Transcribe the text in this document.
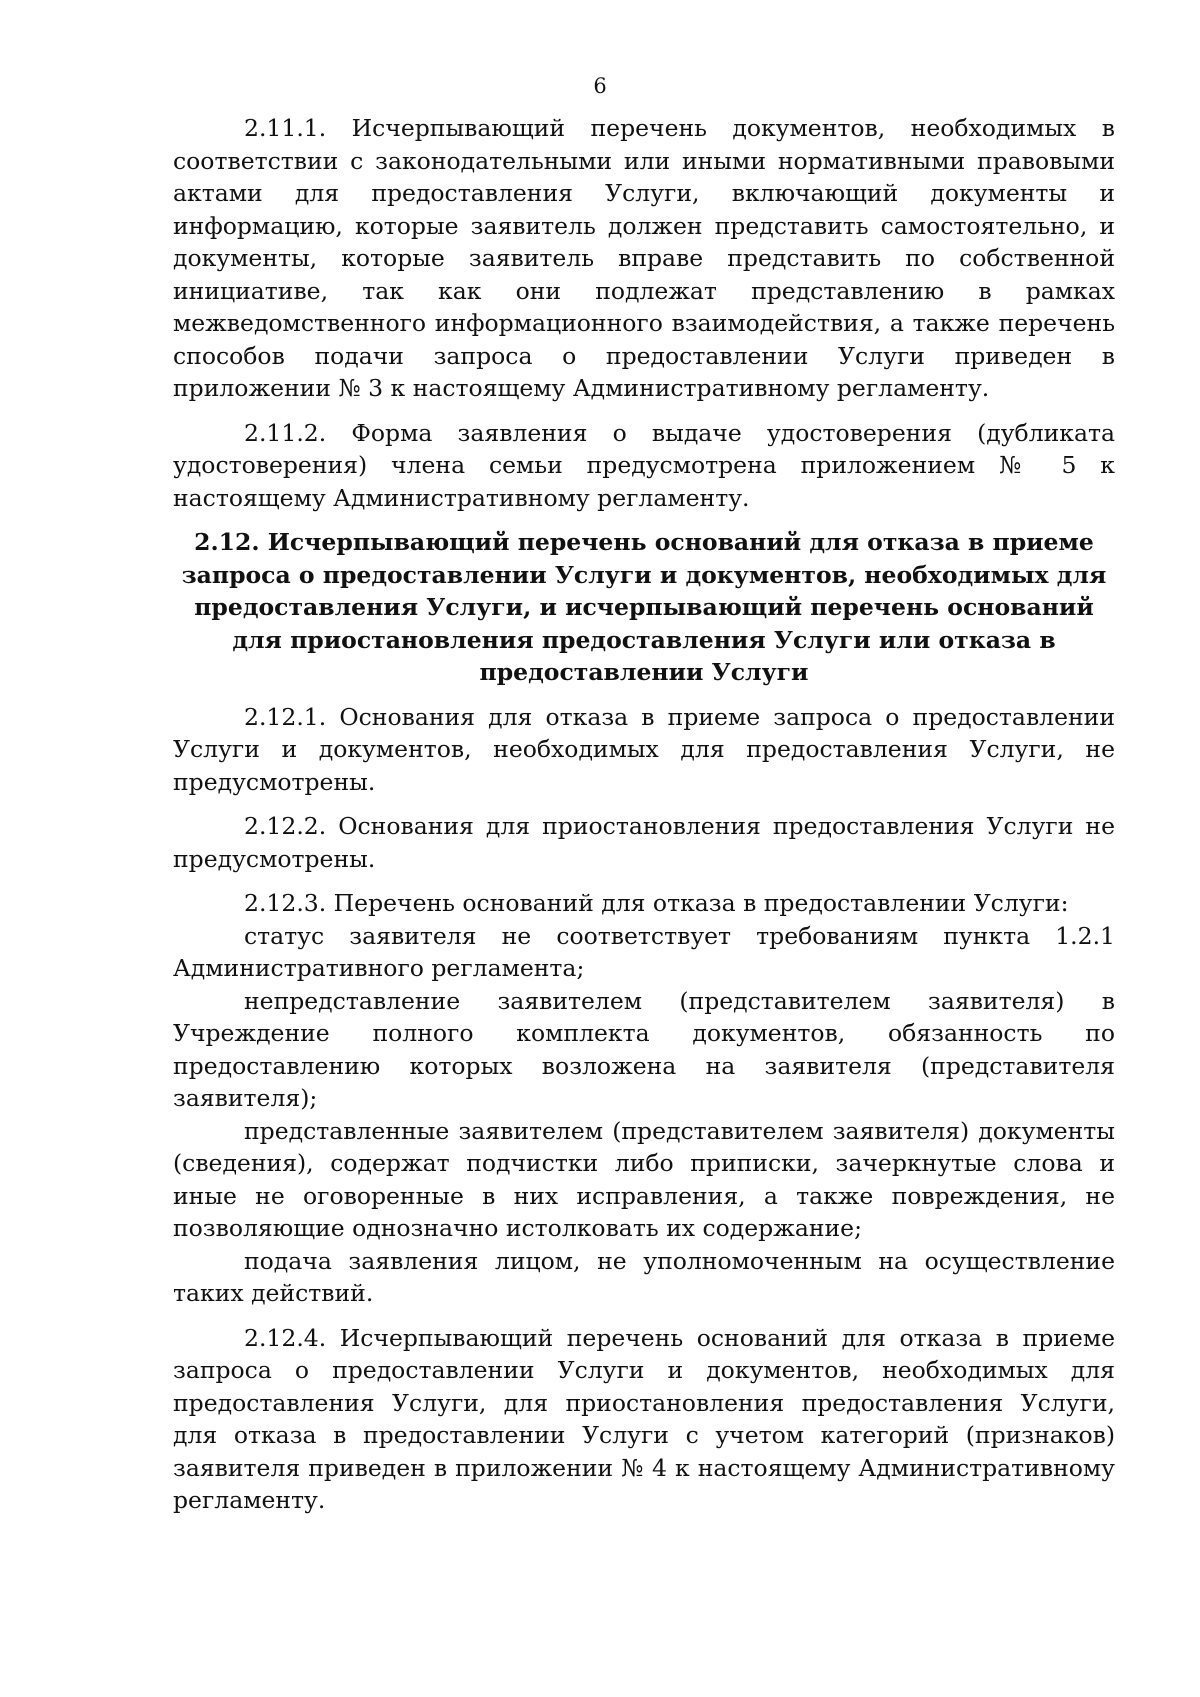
6

2.11.1. Исчерпывающий перечень документов, необходимых в соответствии с законодательными или иными нормативными правовыми актами для предоставления Услуги, включающий документы и информацию, которые заявитель должен представить самостоятельно, и документы, которые заявитель вправе представить по собственной инициативе, так как они подлежат представлению в рамках межведомственного информационного взаимодействия, а также перечень способов подачи запроса о предоставлении Услуги приведен в приложении № 3 к настоящему Административному регламенту.

2.11.2. Форма заявления о выдаче удостоверения (дубликата удостоверения) члена семьи предусмотрена приложением № 5 к настоящему Административному регламенту.

2.12. Исчерпывающий перечень оснований для отказа в приеме запроса о предоставлении Услуги и документов, необходимых для предоставления Услуги, и исчерпывающий перечень оснований для приостановления предоставления Услуги или отказа в предоставлении Услуги

2.12.1. Основания для отказа в приеме запроса о предоставлении Услуги и документов, необходимых для предоставления Услуги, не предусмотрены.

2.12.2. Основания для приостановления предоставления Услуги не предусмотрены.

2.12.3. Перечень оснований для отказа в предоставлении Услуги:

статус заявителя не соответствует требованиям пункта 1.2.1 Административного регламента;

непредставление заявителем (представителем заявителя) в Учреждение полного комплекта документов, обязанность по предоставлению которых возложена на заявителя (представителя заявителя);

представленные заявителем (представителем заявителя) документы (сведения), содержат подчистки либо приписки, зачеркнутые слова и иные не оговоренные в них исправления, а также повреждения, не позволяющие однозначно истолковать их содержание;

подача заявления лицом, не уполномоченным на осуществление таких действий.

2.12.4. Исчерпывающий перечень оснований для отказа в приеме запроса о предоставлении Услуги и документов, необходимых для предоставления Услуги, для приостановления предоставления Услуги, для отказа в предоставлении Услуги с учетом категорий (признаков) заявителя приведен в приложении № 4 к настоящему Административному регламенту.
